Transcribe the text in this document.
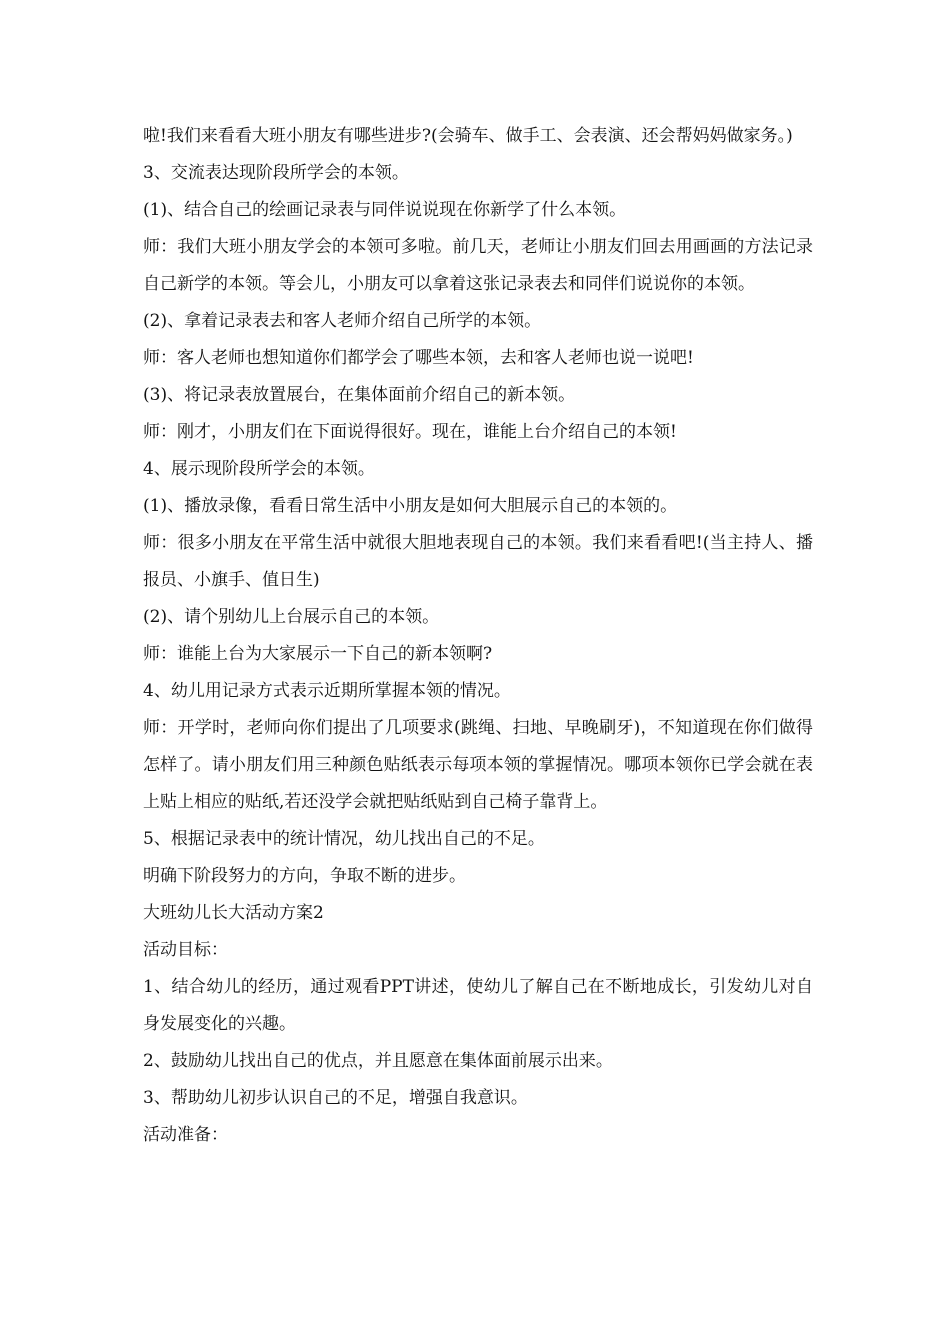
啦!我们来看看大班小朋友有哪些进步?(会骑车、做手工、会表演、还会帮妈妈做家务。)

3、交流表达现阶段所学会的本领。

(1)、结合自己的绘画记录表与同伴说说现在你新学了什么本领。

师：我们大班小朋友学会的本领可多啦。前几天，老师让小朋友们回去用画画的方法记录自己新学的本领。等会儿，小朋友可以拿着这张记录表去和同伴们说说你的本领。

(2)、拿着记录表去和客人老师介绍自己所学的本领。

师：客人老师也想知道你们都学会了哪些本领，去和客人老师也说一说吧!

(3)、将记录表放置展台，在集体面前介绍自己的新本领。

师：刚才，小朋友们在下面说得很好。现在，谁能上台介绍自己的本领!

4、展示现阶段所学会的本领。

(1)、播放录像，看看日常生活中小朋友是如何大胆展示自己的本领的。

师：很多小朋友在平常生活中就很大胆地表现自己的本领。我们来看看吧!(当主持人、播报员、小旗手、值日生)

(2)、请个别幼儿上台展示自己的本领。

师：谁能上台为大家展示一下自己的新本领啊?

4、幼儿用记录方式表示近期所掌握本领的情况。

师：开学时，老师向你们提出了几项要求(跳绳、扫地、早晚刷牙)，不知道现在你们做得怎样了。请小朋友们用三种颜色贴纸表示每项本领的掌握情况。哪项本领你已学会就在表上贴上相应的贴纸,若还没学会就把贴纸贴到自己椅子靠背上。

5、根据记录表中的统计情况，幼儿找出自己的不足。

明确下阶段努力的方向，争取不断的进步。

大班幼儿长大活动方案2

活动目标：

1、结合幼儿的经历，通过观看PPT讲述，使幼儿了解自己在不断地成长，引发幼儿对自身发展变化的兴趣。

2、鼓励幼儿找出自己的优点，并且愿意在集体面前展示出来。

3、帮助幼儿初步认识自己的不足，增强自我意识。

活动准备：
